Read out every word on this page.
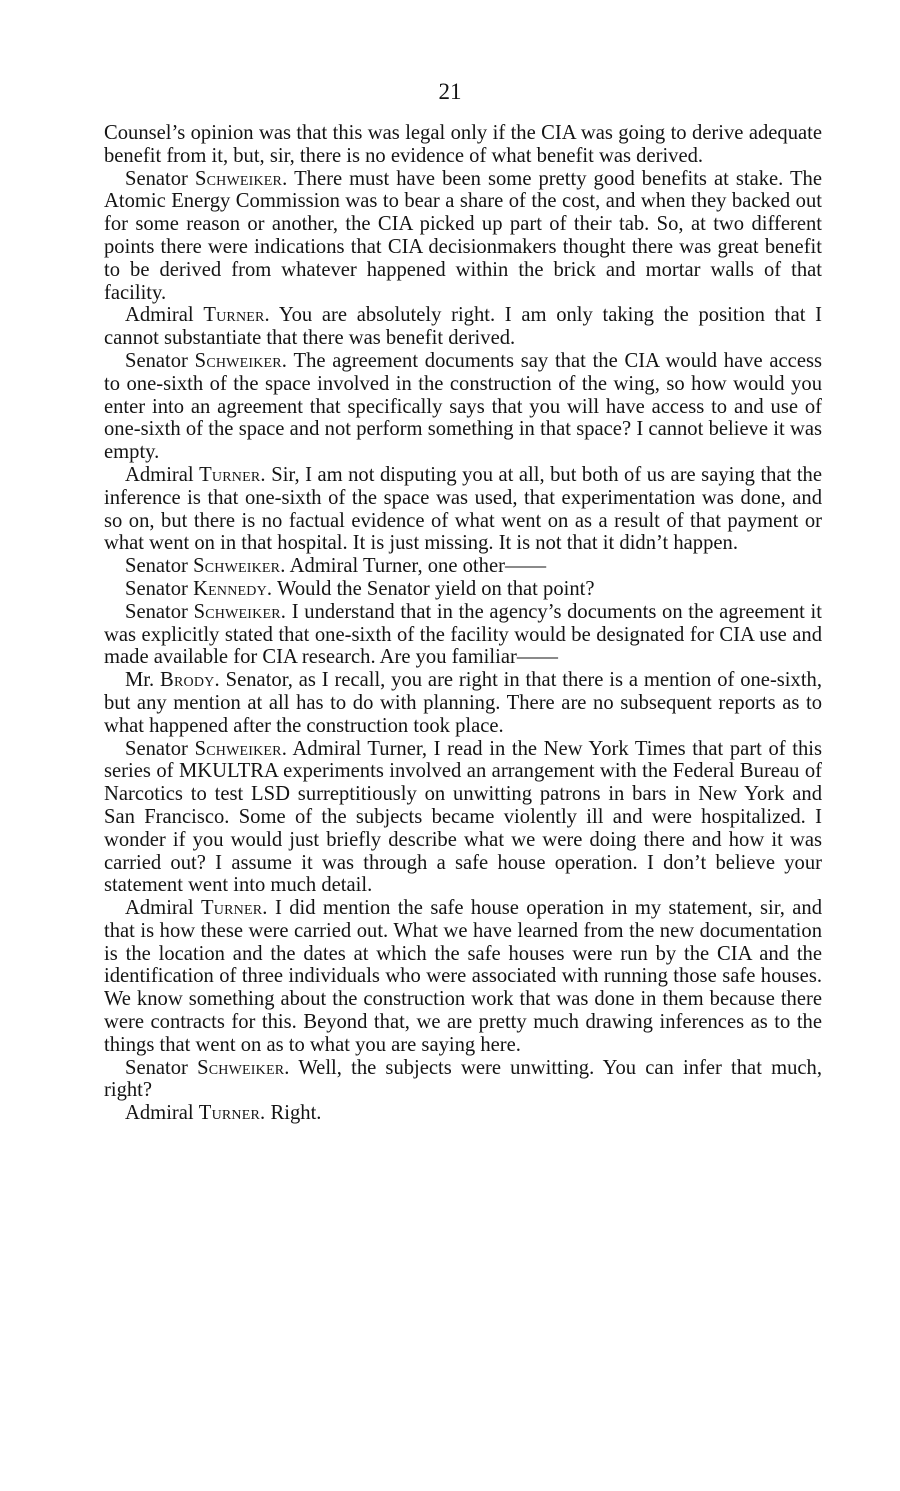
21

Counsel’s opinion was that this was legal only if the CIA was going to derive adequate benefit from it, but, sir, there is no evidence of what benefit was derived.

Senator Schweiker. There must have been some pretty good benefits at stake. The Atomic Energy Commission was to bear a share of the cost, and when they backed out for some reason or another, the CIA picked up part of their tab. So, at two different points there were indications that CIA decisionmakers thought there was great benefit to be derived from whatever happened within the brick and mortar walls of that facility.

Admiral Turner. You are absolutely right. I am only taking the position that I cannot substantiate that there was benefit derived.

Senator Schweiker. The agreement documents say that the CIA would have access to one-sixth of the space involved in the construction of the wing, so how would you enter into an agreement that specifically says that you will have access to and use of one-sixth of the space and not perform something in that space? I cannot believe it was empty.

Admiral Turner. Sir, I am not disputing you at all, but both of us are saying that the inference is that one-sixth of the space was used, that experimentation was done, and so on, but there is no factual evidence of what went on as a result of that payment or what went on in that hospital. It is just missing. It is not that it didn’t happen.

Senator Schweiker. Admiral Turner, one other——

Senator Kennedy. Would the Senator yield on that point?

Senator Schweiker. I understand that in the agency’s documents on the agreement it was explicitly stated that one-sixth of the facility would be designated for CIA use and made available for CIA research. Are you familiar——

Mr. Brody. Senator, as I recall, you are right in that there is a mention of one-sixth, but any mention at all has to do with planning. There are no subsequent reports as to what happened after the construction took place.

Senator Schweiker. Admiral Turner, I read in the New York Times that part of this series of MKULTRA experiments involved an arrangement with the Federal Bureau of Narcotics to test LSD surreptitiously on unwitting patrons in bars in New York and San Francisco. Some of the subjects became violently ill and were hospitalized. I wonder if you would just briefly describe what we were doing there and how it was carried out? I assume it was through a safe house operation. I don’t believe your statement went into much detail.

Admiral Turner. I did mention the safe house operation in my statement, sir, and that is how these were carried out. What we have learned from the new documentation is the location and the dates at which the safe houses were run by the CIA and the identification of three individuals who were associated with running those safe houses. We know something about the construction work that was done in them because there were contracts for this. Beyond that, we are pretty much drawing inferences as to the things that went on as to what you are saying here.

Senator Schweiker. Well, the subjects were unwitting. You can infer that much, right?

Admiral Turner. Right.
